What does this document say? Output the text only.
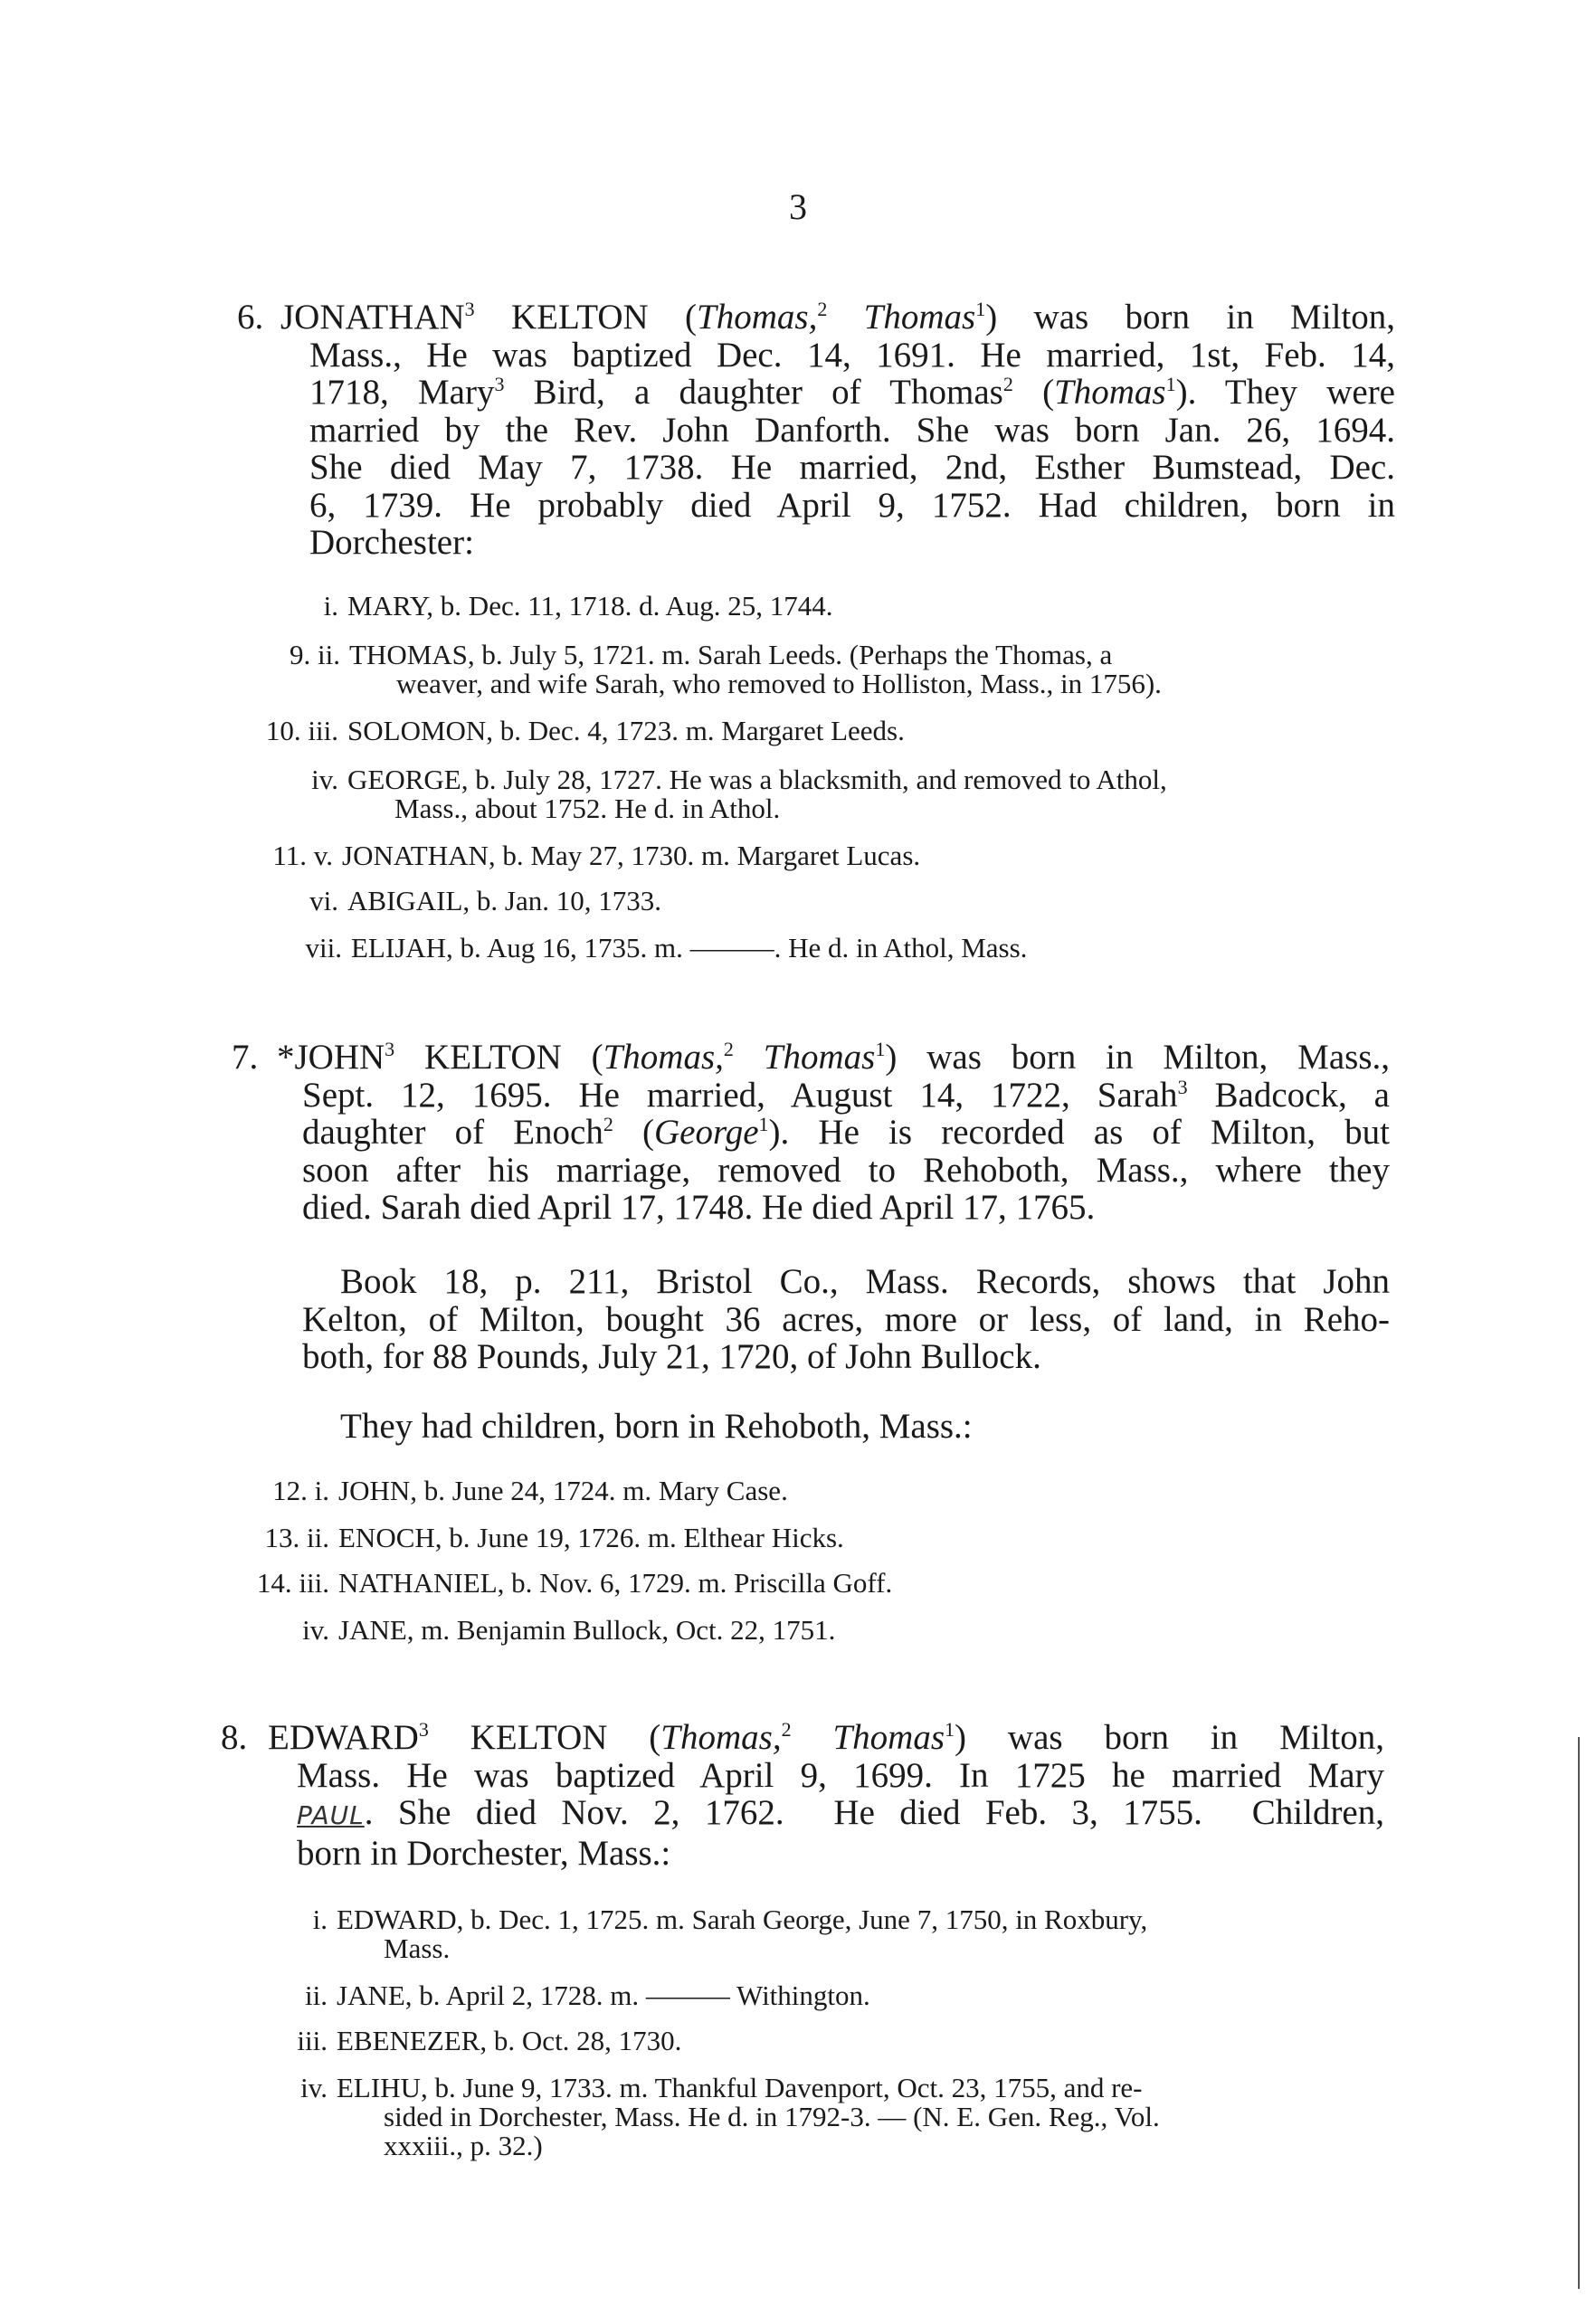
3
6. JONATHAN$^3$ KELTON (Thomas,$^2$ Thomas$^1$) was born in Milton,
Mass., He was baptized Dec. 14, 1691. He married, 1st, Feb. 14,
1718, Mary$^3$ Bird, a daughter of Thomas$^2$ (Thomas$^1$). They were
married by the Rev. John Danforth. She was born Jan. 26, 1694.
She died May 7, 1738. He married, 2nd, Esther Bumstead, Dec.
6, 1739. He probably died April 9, 1752. Had children, born in
Dorchester:
i. MARY, b. Dec. 11, 1718. d. Aug. 25, 1744.
9. ii. THOMAS, b. July 5, 1721. m. Sarah Leeds. (Perhaps the Thomas, a
weaver, and wife Sarah, who removed to Holliston, Mass., in 1756).
10. iii. SOLOMON, b. Dec. 4, 1723. m. Margaret Leeds.
iv. GEORGE, b. July 28, 1727. He was a blacksmith, and removed to Athol,
Mass., about 1752. He d. in Athol.
11. v. JONATHAN, b. May 27, 1730. m. Margaret Lucas.
vi. ABIGAIL, b. Jan. 10, 1733.
vii. ELIJAH, b. Aug 16, 1735. m. ———. He d. in Athol, Mass.
7. *JOHN$^3$ KELTON (Thomas,$^2$ Thomas$^1$) was born in Milton, Mass.,
Sept. 12, 1695. He married, August 14, 1722, Sarah$^3$ Badcock, a
daughter of Enoch$^2$ (George$^1$). He is recorded as of Milton, but
soon after his marriage, removed to Rehoboth, Mass., where they
died. Sarah died April 17, 1748. He died April 17, 1765.
Book 18, p. 211, Bristol Co., Mass. Records, shows that John
Kelton, of Milton, bought 36 acres, more or less, of land, in Reho-
both, for 88 Pounds, July 21, 1720, of John Bullock.
They had children, born in Rehoboth, Mass.:
12. i. JOHN, b. June 24, 1724. m. Mary Case.
13. ii. ENOCH, b. June 19, 1726. m. Elthear Hicks.
14. iii. NATHANIEL, b. Nov. 6, 1729. m. Priscilla Goff.
iv. JANE, m. Benjamin Bullock, Oct. 22, 1751.
8. EDWARD$^3$ KELTON (Thomas,$^2$ Thomas$^1$) was born in Milton,
Mass. He was baptized April 9, 1699. In 1725 he married Mary
PAUL. She died Nov. 2, 1762.  He died Feb. 3, 1755.  Children,
born in Dorchester, Mass.:
i. EDWARD, b. Dec. 1, 1725. m. Sarah George, June 7, 1750, in Roxbury,
Mass.
ii. JANE, b. April 2, 1728. m. ——— Withington.
iii. EBENEZER, b. Oct. 28, 1730.
iv. ELIHU, b. June 9, 1733. m. Thankful Davenport, Oct. 23, 1755, and re-
sided in Dorchester, Mass. He d. in 1792-3. — (N. E. Gen. Reg., Vol.
xxxiii., p. 32.)
